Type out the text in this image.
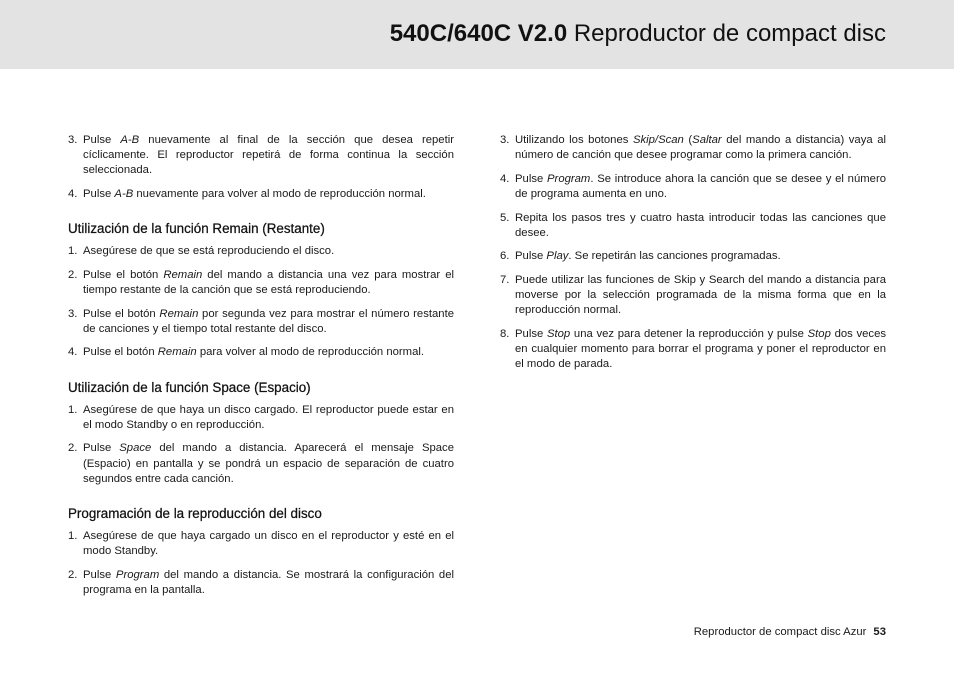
540C/640C V2.0 Reproductor de compact disc
3. Pulse A-B nuevamente al final de la sección que desea repetir cíclicamente. El reproductor repetirá de forma continua la sección seleccionada.
4. Pulse A-B nuevamente para volver al modo de reproducción normal.
Utilización de la función Remain (Restante)
1. Asegúrese de que se está reproduciendo el disco.
2. Pulse el botón Remain del mando a distancia una vez para mostrar el tiempo restante de la canción que se está reproduciendo.
3. Pulse el botón Remain por segunda vez para mostrar el número restante de canciones y el tiempo total restante del disco.
4. Pulse el botón Remain para volver al modo de reproducción normal.
Utilización de la función Space (Espacio)
1. Asegúrese de que haya un disco cargado. El reproductor puede estar en el modo Standby o en reproducción.
2. Pulse Space del mando a distancia. Aparecerá el mensaje Space (Espacio) en pantalla y se pondrá un espacio de separación de cuatro segundos entre cada canción.
Programación de la reproducción del disco
1. Asegúrese de que haya cargado un disco en el reproductor y esté en el modo Standby.
2. Pulse Program del mando a distancia. Se mostrará la configuración del programa en la pantalla.
3. Utilizando los botones Skip/Scan (Saltar del mando a distancia) vaya al número de canción que desee programar como la primera canción.
4. Pulse Program. Se introduce ahora la canción que se desee y el número de programa aumenta en uno.
5. Repita los pasos tres y cuatro hasta introducir todas las canciones que desee.
6. Pulse Play. Se repetirán las canciones programadas.
7. Puede utilizar las funciones de Skip y Search del mando a distancia para moverse por la selección programada de la misma forma que en la reproducción normal.
8. Pulse Stop una vez para detener la reproducción y pulse Stop dos veces en cualquier momento para borrar el programa y poner el reproductor en el modo de parada.
Reproductor de compact disc Azur 53
